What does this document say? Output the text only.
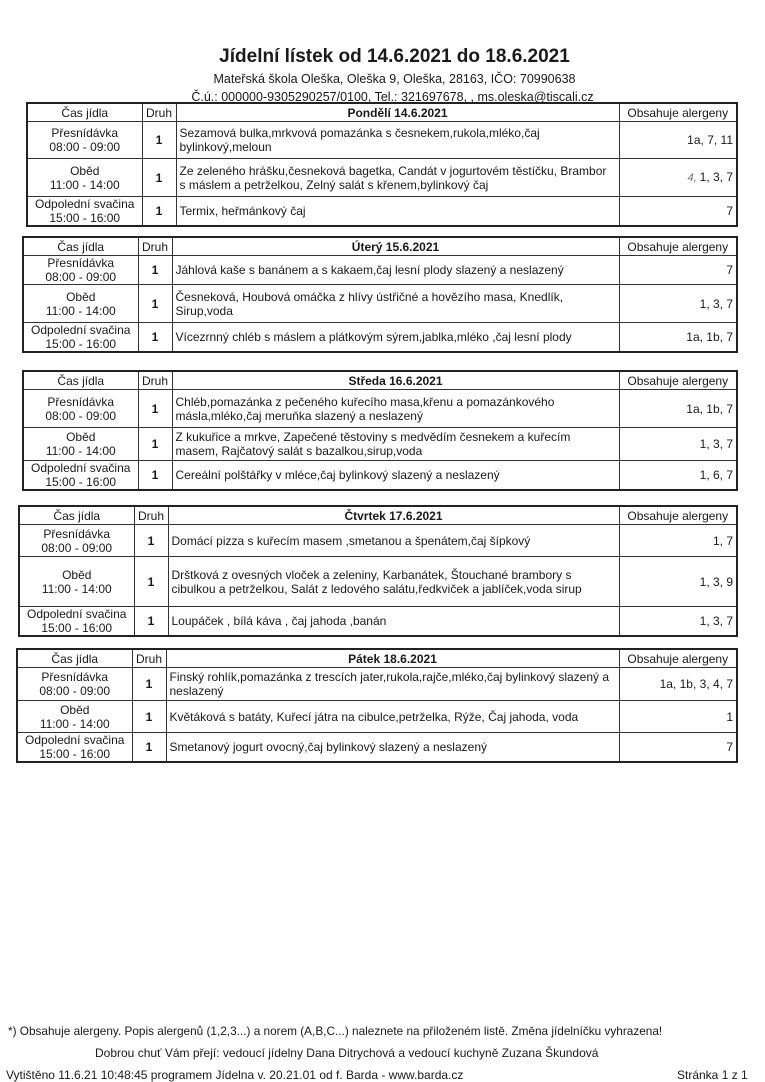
Jídelní lístek od 14.6.2021 do 18.6.2021
Mateřská škola Oleška, Oleška 9, Oleška, 28163, IČO: 70990638
Č.ú.: 000000-9305290257/0100, Tel.: 321697678, , ms.oleska@tiscali.cz
Čas jídla	Druh	Pondělí 14.6.2021	Obsahuje alergeny

Přesnídávka
08:00 - 09:00	1	Sezamová bulka,mrkvová pomazánka s česnekem,rukola,mléko,čaj bylinkový,meloun	1a, 7, 11

Oběd
11:00 - 14:00	1	Ze zeleného hrášku,česneková bagetka, Candát v jogurtovém těstíčku, Brambor s máslem a petrželkou, Zelný salát s křenem,bylinkový čaj	4, 1, 3, 7

Odpolední svačina
15:00 - 16:00	1	Termix, heřmánkový čaj	7
Čas jídla	Druh	Úterý 15.6.2021	Obsahuje alergeny

Přesnídávka
08:00 - 09:00	1	Jáhlová kaše s banánem a s kakaem,čaj lesní plody slazený a neslazený	7

Oběd
11:00 - 14:00	1	Česneková, Houbová omáčka z hlívy ústřičné a hovězího masa, Knedlík, Sirup,voda	1, 3, 7

Odpolední svačina
15:00 - 16:00	1	Vícezrnný chléb s máslem a plátkovým sýrem,jablka,mléko ,čaj lesní plody	1a, 1b, 7
Čas jídla	Druh	Středa 16.6.2021	Obsahuje alergeny

Přesnídávka
08:00 - 09:00	1	Chléb,pomazánka z pečeného kuřecího masa,křenu a pomazánkového másla,mléko,čaj meruňka slazený a neslazený	1a, 1b, 7

Oběd
11:00 - 14:00	1	Z kukuřice a mrkve, Zapečené těstoviny s medvědím česnekem a kuřecím masem, Rajčatový salát s bazalkou,sirup,voda	1, 3, 7

Odpolední svačina
15:00 - 16:00	1	Cereální polštářky v mléce,čaj bylinkový slazený a neslazený	1, 6, 7
Čas jídla	Druh	Čtvrtek 17.6.2021	Obsahuje alergeny

Přesnídávka
08:00 - 09:00	1	Domácí pizza s kuřecím masem ,smetanou a špenátem,čaj šípkový	1, 7

Oběd
11:00 - 14:00	1	Drštková z ovesných vloček a zeleniny, Karbanátek, Štouchané brambory s cibulkou a petrželkou, Salát z ledového salátu,ředkviček a jablíček,voda sirup	1, 3, 9

Odpolední svačina
15:00 - 16:00	1	Loupáček , bílá káva , čaj jahoda ,banán	1, 3, 7
Čas jídla	Druh	Pátek 18.6.2021	Obsahuje alergeny

Přesnídávka
08:00 - 09:00	1	Finský rohlík,pomazánka z trescích jater,rukola,rajče,mléko,čaj bylinkový slazený a neslazený	1a, 1b, 3, 4, 7

Oběd
11:00 - 14:00	1	Květáková s batáty, Kuřecí játra na cibulce,petrželka, Rýže, Čaj jahoda, voda	1

Odpolední svačina
15:00 - 16:00	1	Smetanový jogurt ovocný,čaj bylinkový slazený a neslazený	7
*) Obsahuje alergeny. Popis alergenů (1,2,3...) a norem (A,B,C...) naleznete na přiloženém listě. Změna jídelníčku vyhrazena!
Dobrou chuť Vám přejí: vedoucí jídelny Dana Ditrychová a vedoucí kuchyně Zuzana Škundová
Vytištěno 11.6.21 10:48:45 programem Jídelna v. 20.21.01 od f. Barda - www.barda.cz	Stránka 1 z 1
